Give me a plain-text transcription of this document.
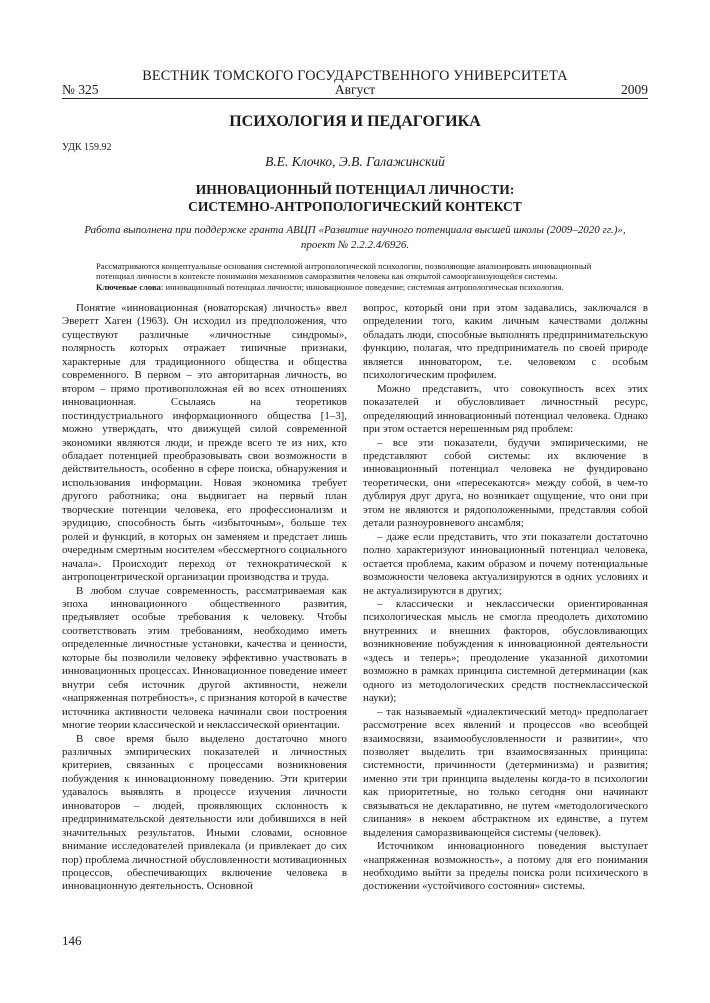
ВЕСТНИК ТОМСКОГО ГОСУДАРСТВЕННОГО УНИВЕРСИТЕТА
№ 325	Август	2009
ПСИХОЛОГИЯ И ПЕДАГОГИКА
УДК 159.92
В.Е. Клочко, Э.В. Галажинский
ИННОВАЦИОННЫЙ ПОТЕНЦИАЛ ЛИЧНОСТИ:
СИСТЕМНО-АНТРОПОЛОГИЧЕСКИЙ КОНТЕКСТ
Работа выполнена при поддержке гранта АВЦП «Развитие научного потенциала высшей школы (2009–2020 гг.)»,
проект № 2.2.2.4/6926.
Рассматриваются концептуальные основания системной антропологической психологии, позволяющие анализировать инновационный потенциал личности в контексте понимания механизмов саморазвития человека как открытой самоорганизующейся системы.
Ключевые слова: инновационный потенциал личности; инновационное поведение; системная антропологическая психология.

Понятие «инновационная (новаторская) личность» ввел Эверетт Хаген (1963). Он исходил из предположения, что существуют различные «личностные синдромы», полярность которых отражает типичные признаки, характерные для традиционного общества и общества современного. В первом – это авторитарная личность, во втором – прямо противоположная ей во всех отношениях инновационная. Ссылаясь на теоретиков постиндустриального информационного общества [1–3], можно утверждать, что движущей силой современной экономики являются люди, и прежде всего те из них, кто обладает потенцией преобразовывать свои возможности в действительность, особенно в сфере поиска, обнаружения и использования информации. Новая экономика требует другого работника; она выдвигает на первый план творческие потенции человека, его профессионализм и эрудицию, способность быть «избыточным», больше тех ролей и функций, в которых он заменяем и предстает лишь очередным смертным носителем «бессмертного социального начала». Происходит переход от технократической к антропоцентрической организации производства и труда.

В любом случае современность, рассматриваемая как эпоха инновационного общественного развития, предъявляет особые требования к человеку. Чтобы соответствовать этим требованиям, необходимо иметь определенные личностные установки, качества и ценности, которые бы позволили человеку эффективно участвовать в инновационных процессах. Инновационное поведение имеет внутри себя источник другой активности, нежели «напряженная потребность», с признания которой в качестве источника активности человека начинали свои построения многие теории классической и неклассической ориентации.

В свое время было выделено достаточно много различных эмпирических показателей и личностных критериев, связанных с процессами возникновения побуждения к инновационному поведению. Эти критерии удавалось выявлять в процессе изучения личности инноваторов – людей, проявляющих склонность к предпринимательской деятельности или добившихся в ней значительных результатов. Иными словами, основное внимание исследователей привлекала (и привлекает до сих пор) проблема личностной обусловленности мотивационных процессов, обеспечивающих включение человека в инновационную деятельность. Основной

вопрос, который они при этом задавались, заключался в определении того, каким личным качествами должны обладать люди, способные выполнять предпринимательскую функцию, полагая, что предприниматель по своей природе является инноватором, т.е. человеком с особым психологическим профилем.

Можно представить, что совокупность всех этих показателей и обусловливает личностный ресурс, определяющий инновационный потенциал человека. Однако при этом остается нерешенным ряд проблем:

– все эти показатели, будучи эмпирическими, не представляют собой системы: их включение в инновационный потенциал человека не фундировано теоретически, они «пересекаются» между собой, в чем-то дублируя друг друга, но возникает ощущение, что они при этом не являются и рядоположенными, представляя собой детали разноуровневого ансамбля;

– даже если представить, что эти показатели достаточно полно характеризуют инновационный потенциал человека, остается проблема, каким образом и почему потенциальные возможности человека актуализируются в одних условиях и не актуализируются в других;

– классически и неклассически ориентированная психологическая мысль не смогла преодолеть дихотомию внутренних и внешних факторов, обусловливающих возникновение побуждения к инновационной деятельности «здесь и теперь»; преодоление указанной дихотомии возможно в рамках принципа системной детерминации (как одного из методологических средств постнеклассической науки);

– так называемый «диалектический метод» предполагает рассмотрение всех явлений и процессов «во всеобщей взаимосвязи, взаимообусловленности и развитии», что позволяет выделить три взаимосвязанных принципа: системности, причинности (детерминизма) и развития; именно эти три принципа выделены когда-то в психологии как приоритетные, но только сегодня они начинают связываться не декларативно, не путем «методологического слипания» в некоем абстрактном их единстве, а путем выделения саморазвивающейся системы (человек).

Источником инновационного поведения выступает «напряженная возможность», а потому для его понимания необходимо выйти за пределы поиска роли психического в достижении «устойчивого состояния» системы.

146
